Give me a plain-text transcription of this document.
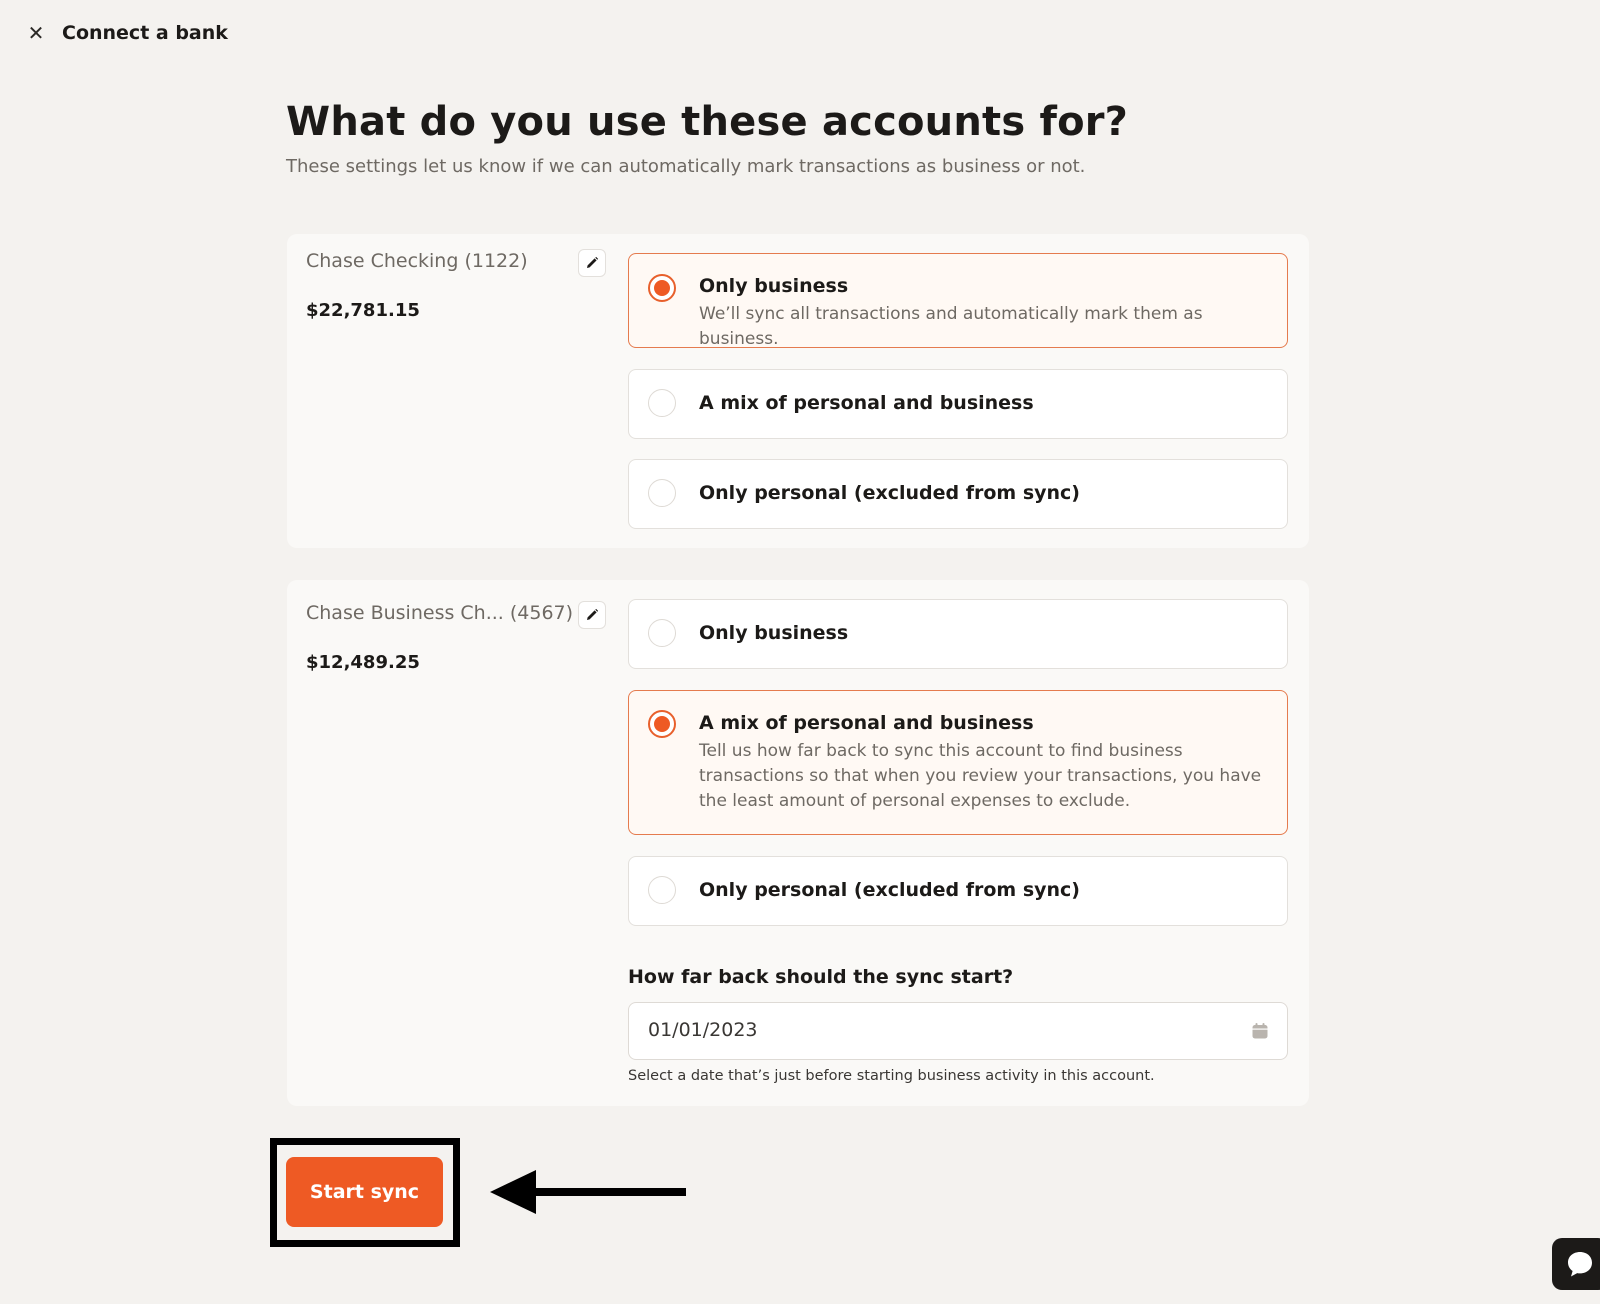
✕ Connect a bank
What do you use these accounts for?

These settings let us know if we can automatically mark transactions as business or not.

Chase Checking (1122)
$22,781.15
Only business
We’ll sync all transactions and automatically mark them as business.
A mix of personal and business
Only personal (excluded from sync)
Chase Business Ch... (4567)
$12,489.25
Only business
A mix of personal and business
Tell us how far back to sync this account to find business transactions so that when you review your transactions, you have the least amount of personal expenses to exclude.
Only personal (excluded from sync)
How far back should the sync start?
01/01/2023
Select a date that’s just before starting business activity in this account.
Start sync
